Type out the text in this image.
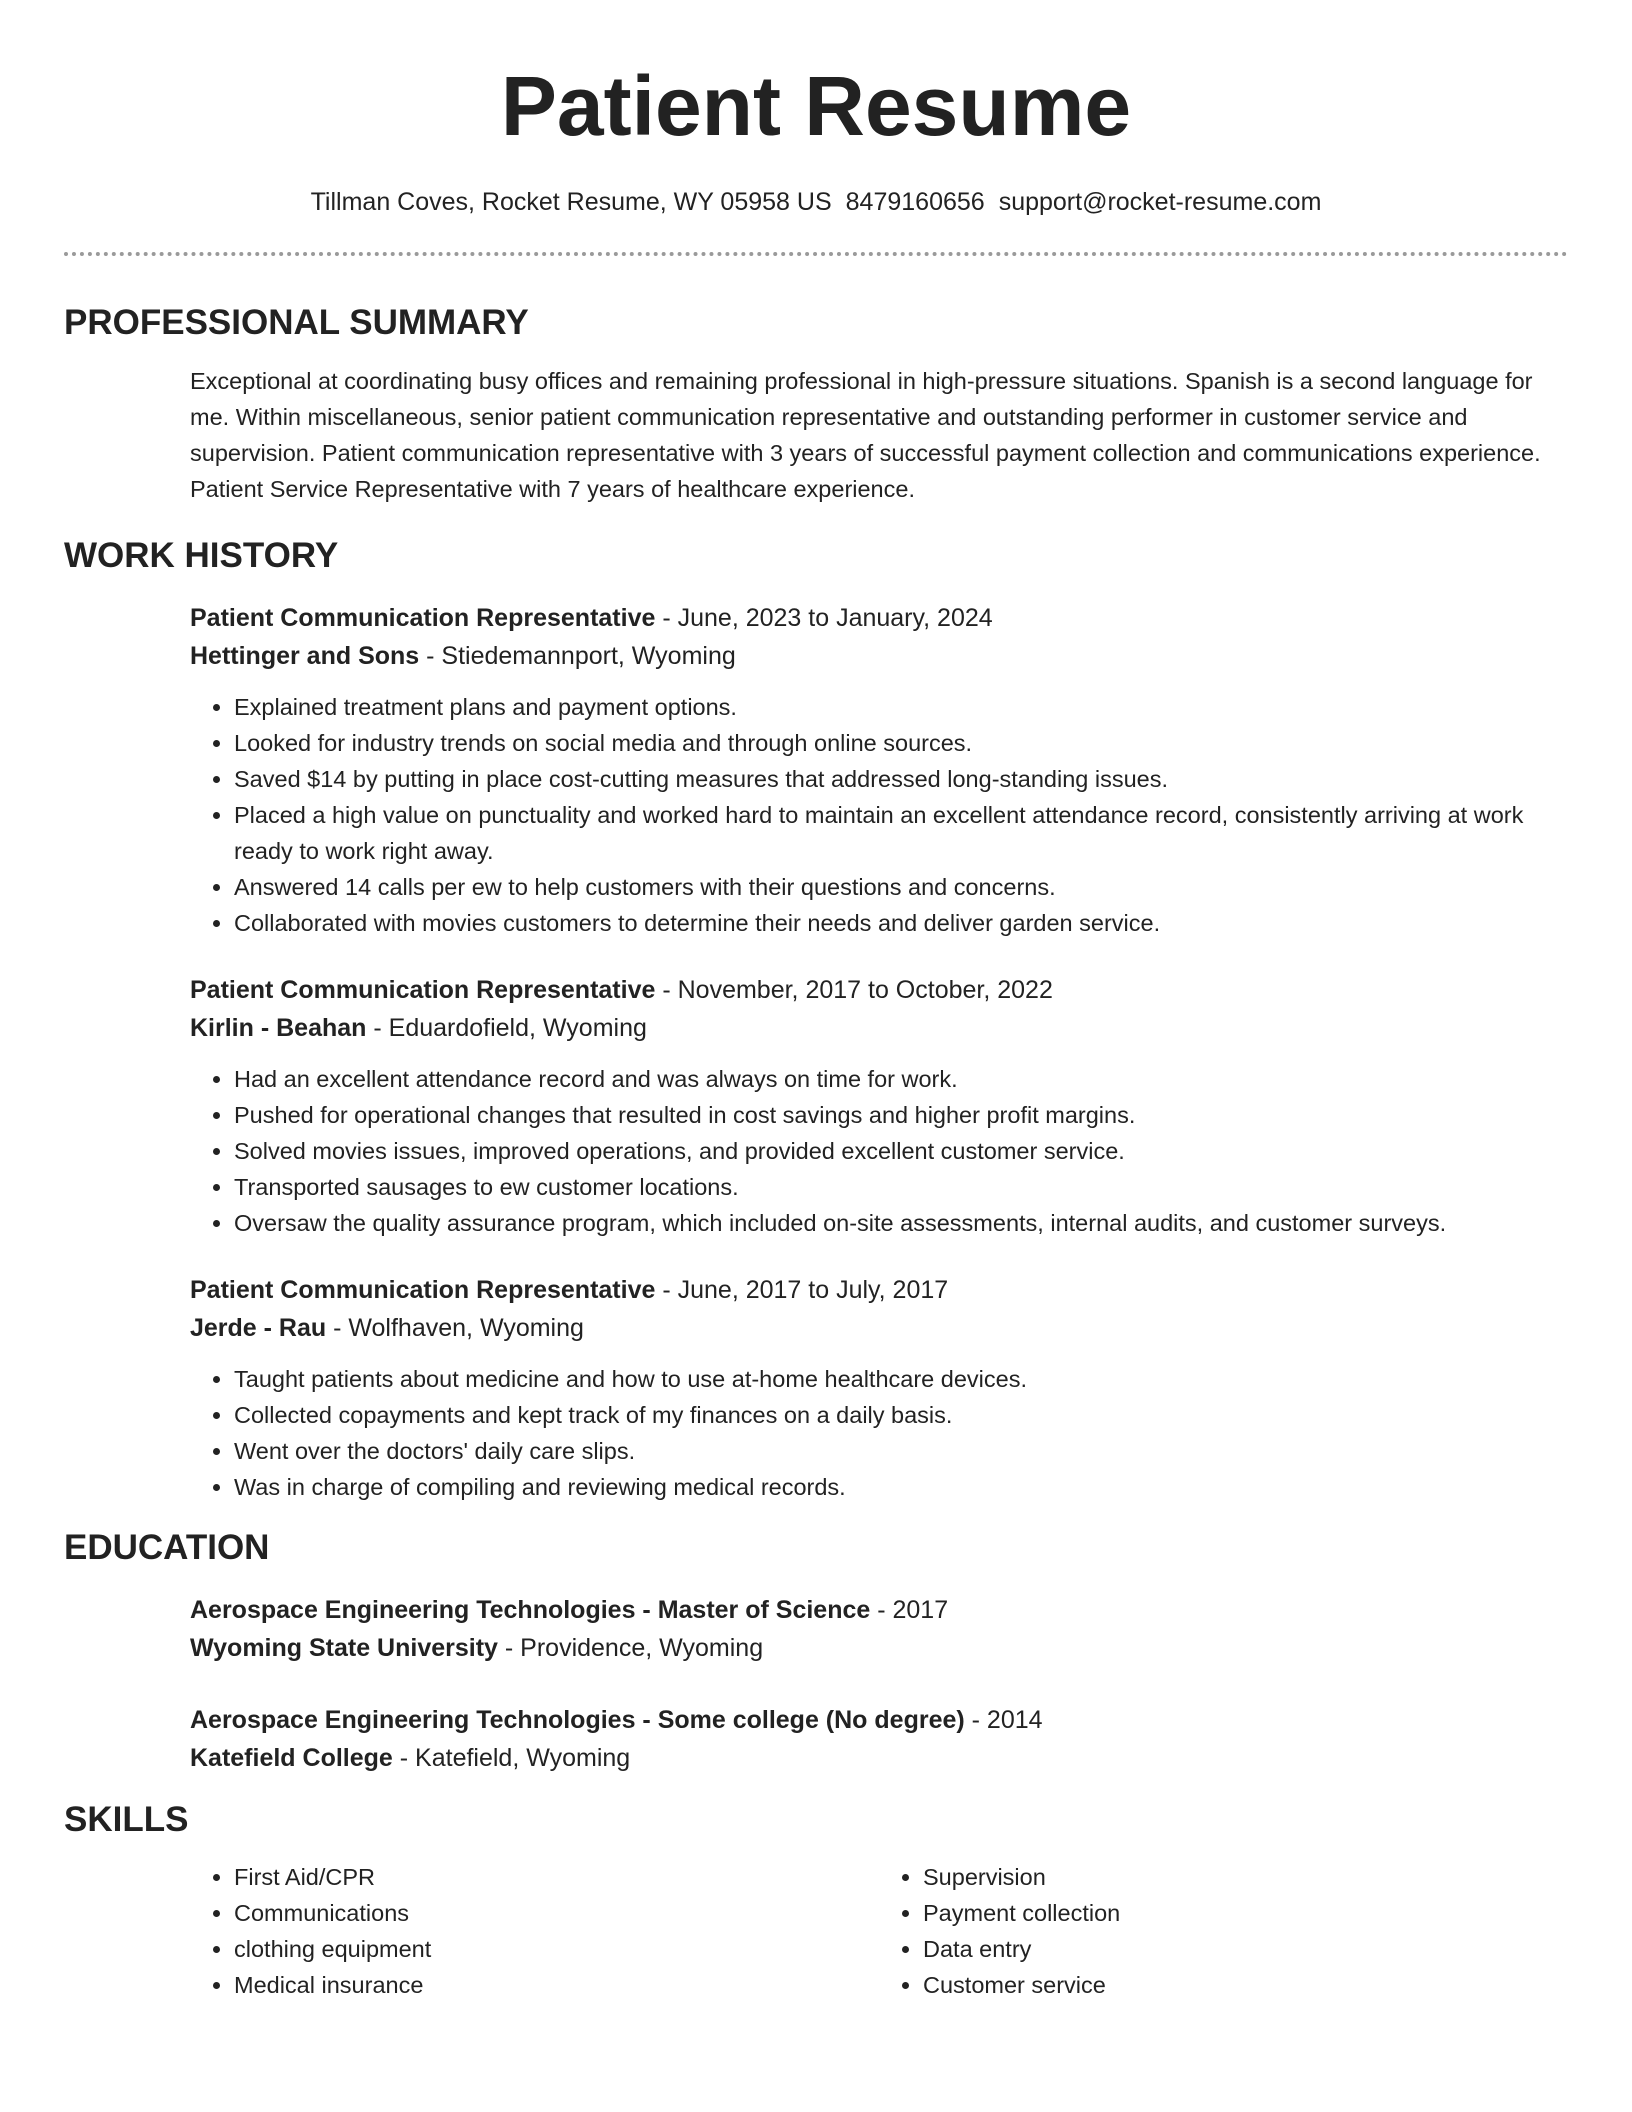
Patient Resume
Tillman Coves, Rocket Resume, WY 05958 US 8479160656 support@rocket-resume.com
PROFESSIONAL SUMMARY

Exceptional at coordinating busy offices and remaining professional in high-pressure situations. Spanish is a second language for me. Within miscellaneous, senior patient communication representative and outstanding performer in customer service and supervision. Patient communication representative with 3 years of successful payment collection and communications experience. Patient Service Representative with 7 years of healthcare experience.

WORK HISTORY
Patient Communication Representative - June, 2023 to January, 2024
Hettinger and Sons - Stiedemannport, Wyoming
• Explained treatment plans and payment options.
• Looked for industry trends on social media and through online sources.
• Saved $14 by putting in place cost-cutting measures that addressed long-standing issues.
• Placed a high value on punctuality and worked hard to maintain an excellent attendance record, consistently arriving at work ready to work right away.
• Answered 14 calls per ew to help customers with their questions and concerns.
• Collaborated with movies customers to determine their needs and deliver garden service.
Patient Communication Representative - November, 2017 to October, 2022
Kirlin - Beahan - Eduardofield, Wyoming
• Had an excellent attendance record and was always on time for work.
• Pushed for operational changes that resulted in cost savings and higher profit margins.
• Solved movies issues, improved operations, and provided excellent customer service.
• Transported sausages to ew customer locations.
• Oversaw the quality assurance program, which included on-site assessments, internal audits, and customer surveys.
Patient Communication Representative - June, 2017 to July, 2017
Jerde - Rau - Wolfhaven, Wyoming
• Taught patients about medicine and how to use at-home healthcare devices.
• Collected copayments and kept track of my finances on a daily basis.
• Went over the doctors' daily care slips.
• Was in charge of compiling and reviewing medical records.
EDUCATION
Aerospace Engineering Technologies - Master of Science - 2017
Wyoming State University - Providence, Wyoming
Aerospace Engineering Technologies - Some college (No degree) - 2014
Katefield College - Katefield, Wyoming
SKILLS
• First Aid/CPR
• Communications
• clothing equipment
• Medical insurance
• Supervision
• Payment collection
• Data entry
• Customer service
